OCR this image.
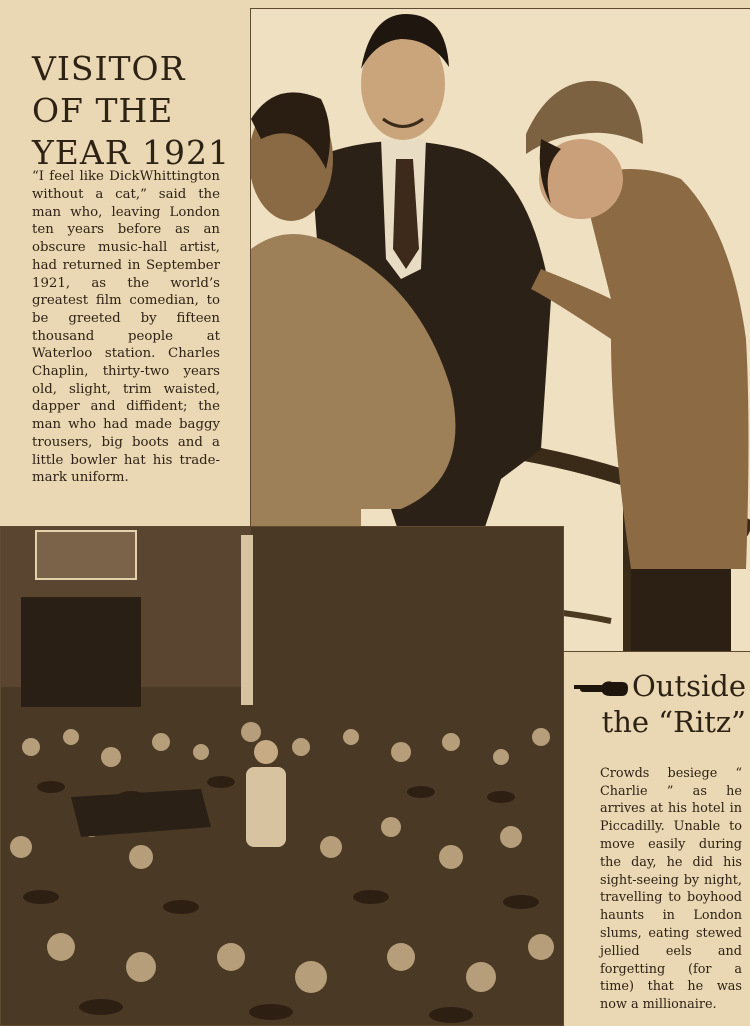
VISITOR
OF THE
YEAR 1921

“I feel like DickWhittington without a cat,” said the man who, leaving London ten years before as an obscure music-hall artist, had returned in September 1921, as the world’s greatest film comedian, to be greeted by fifteen thousand people at Waterloo station. Charles Chaplin, thirty-two years old, slight, trim waisted, dapper and diffident; the man who had made baggy trousers, big boots and a little bowler hat his trade-mark uniform.

Outside
the “Ritz”

Crowds besiege “ Charlie ” as he arrives at his hotel in Piccadilly. Unable to move easily during the day, he did his sight-seeing by night, travelling to boyhood haunts in London slums, eating stewed jellied eels and forgetting (for a time) that he was now a millionaire.
